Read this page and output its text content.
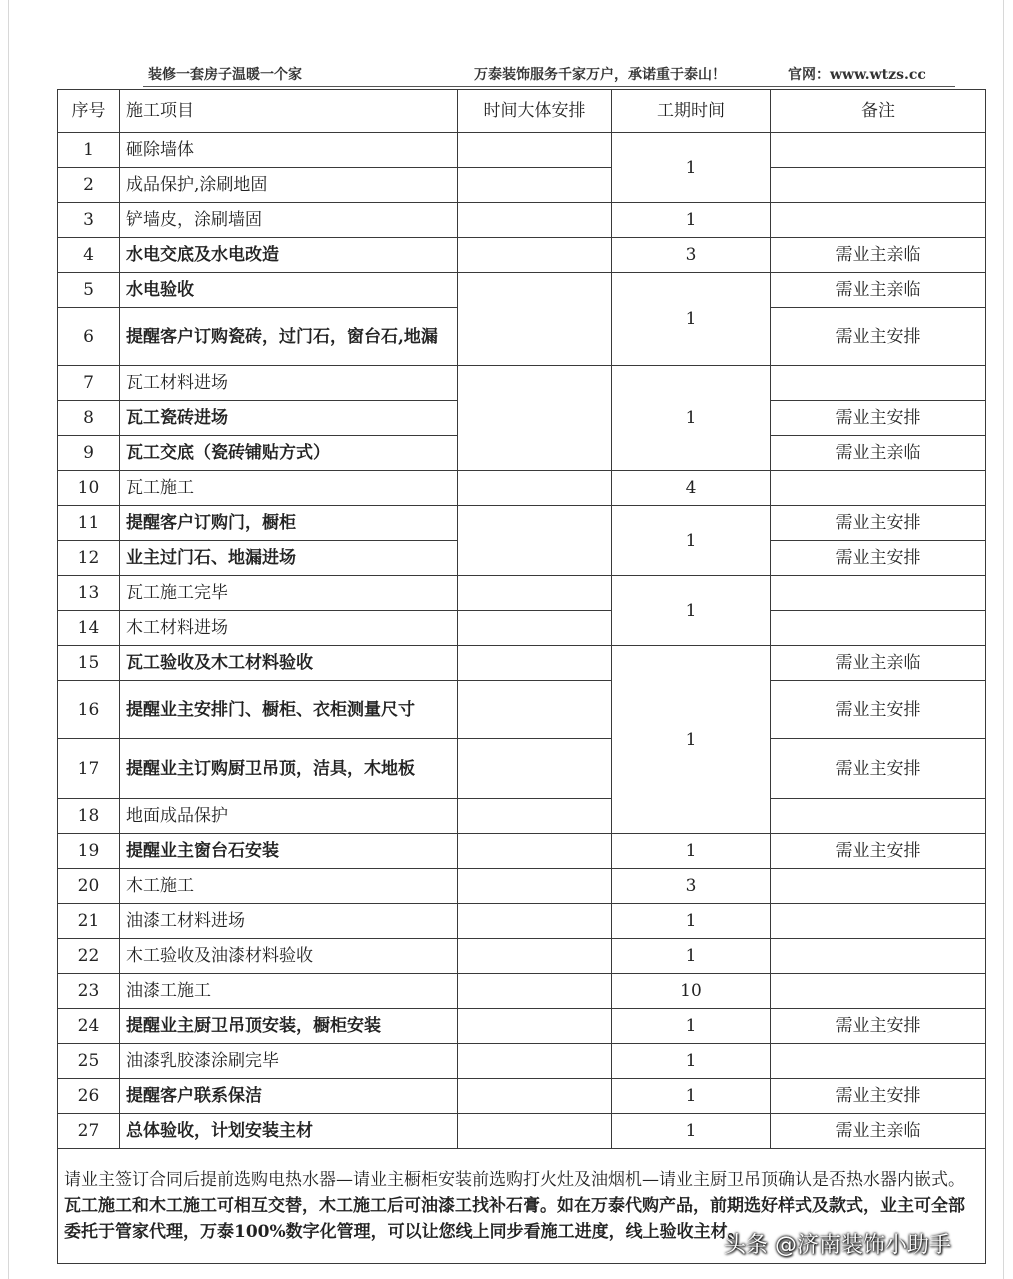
装修一套房子温暖一个家	万泰装饰服务千家万户，承诺重于泰山！	官网：www.wtzs.cc
序号	施工项目	时间大体安排	工期时间	备注
1	砸除墙体		1	
2	成品保护,涂刷地固			
3	铲墙皮，涂刷墙固		1	
4	水电交底及水电改造		3	需业主亲临
5	水电验收		1	需业主亲临
6	提醒客户订购瓷砖，过门石，窗台石,地漏			需业主安排
7	瓦工材料进场		1	
8	瓦工瓷砖进场			需业主安排
9	瓦工交底（瓷砖铺贴方式）			需业主亲临
10	瓦工施工		4	
11	提醒客户订购门，橱柜		1	需业主安排
12	业主过门石、地漏进场			需业主安排
13	瓦工施工完毕		1	
14	木工材料进场			
15	瓦工验收及木工材料验收		1	需业主亲临
16	提醒业主安排门、橱柜、衣柜测量尺寸			需业主安排
17	提醒业主订购厨卫吊顶，洁具，木地板			需业主安排
18	地面成品保护			
19	提醒业主窗台石安装		1	需业主安排
20	木工施工		3	
21	油漆工材料进场		1	
22	木工验收及油漆材料验收		1	
23	油漆工施工		10	
24	提醒业主厨卫吊顶安装，橱柜安装		1	需业主安排
25	油漆乳胶漆涂刷完毕		1	
26	提醒客户联系保洁		1	需业主安排
27	总体验收，计划安装主材		1	需业主亲临
请业主签订合同后提前选购电热水器—请业主橱柜安装前选购打火灶及油烟机—请业主厨卫吊顶确认是否热水器内嵌式。瓦工施工和木工施工可相互交替，木工施工后可油漆工找补石膏。如在万泰代购产品，前期选好样式及款式，业主可全部委托于管家代理，万泰100%数字化管理，可以让您线上同步看施工进度，线上验收主材。				
头条 @济南装饰小助手
